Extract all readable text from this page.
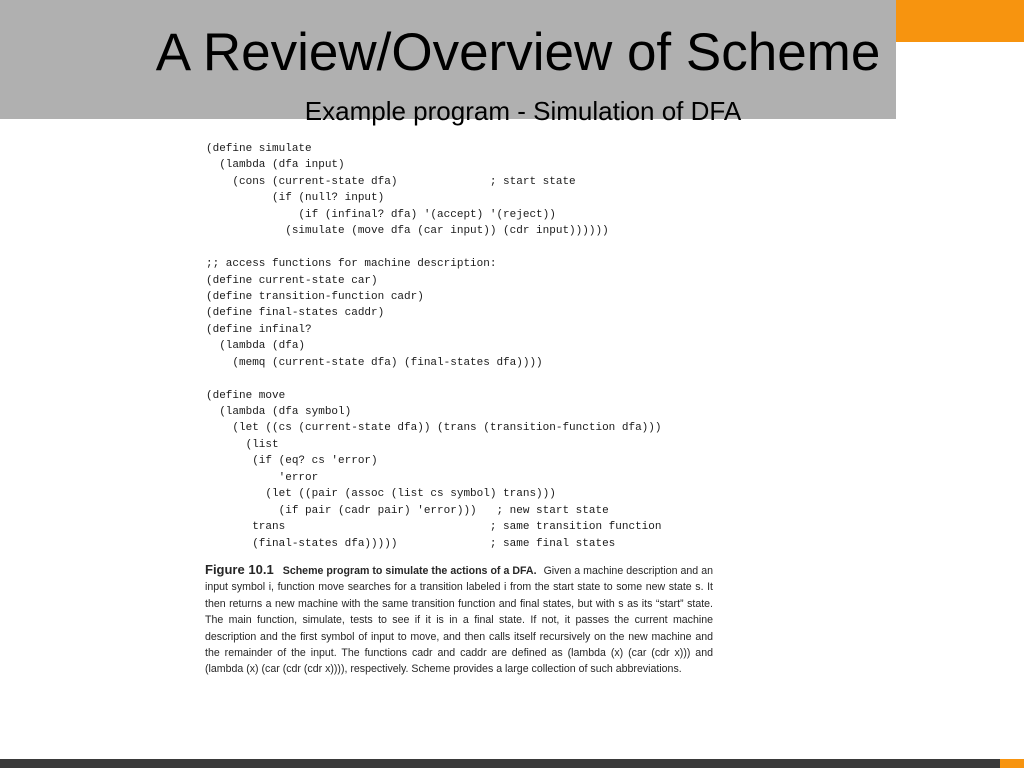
A Review/Overview of Scheme
Example program - Simulation of DFA
(define simulate
(lambda (dfa input)
(cons (current-state dfa)              ; start state
(if (null? input)
(if (infinal? dfa) '(accept) '(reject))
(simulate (move dfa (car input)) (cdr input))))))
;; access functions for machine description:
(define current-state car)
(define transition-function cadr)
(define final-states caddr)
(define infinal?
(lambda (dfa)
(memq (current-state dfa) (final-states dfa))))
(define move
(lambda (dfa symbol)
(let ((cs (current-state dfa)) (trans (transition-function dfa)))
(list
(if (eq? cs 'error)
'error
(let ((pair (assoc (list cs symbol) trans)))
(if pair (cadr pair) 'error)))   ; new start state
trans                               ; same transition function
(final-states dfa)))))              ; same final states
Figure 10.1 Scheme program to simulate the actions of a DFA. Given a machine description and an input symbol i, function move searches for a transition labeled i from the start state to some new state s. It then returns a new machine with the same transition function and final states, but with s as its “start” state. The main function, simulate, tests to see if it is in a final state. If not, it passes the current machine description and the first symbol of input to move, and then calls itself recursively on the new machine and the remainder of the input. The functions cadr and caddr are defined as (lambda (x) (car (cdr x))) and (lambda (x) (car (cdr (cdr x)))), respectively. Scheme provides a large collection of such abbreviations.
